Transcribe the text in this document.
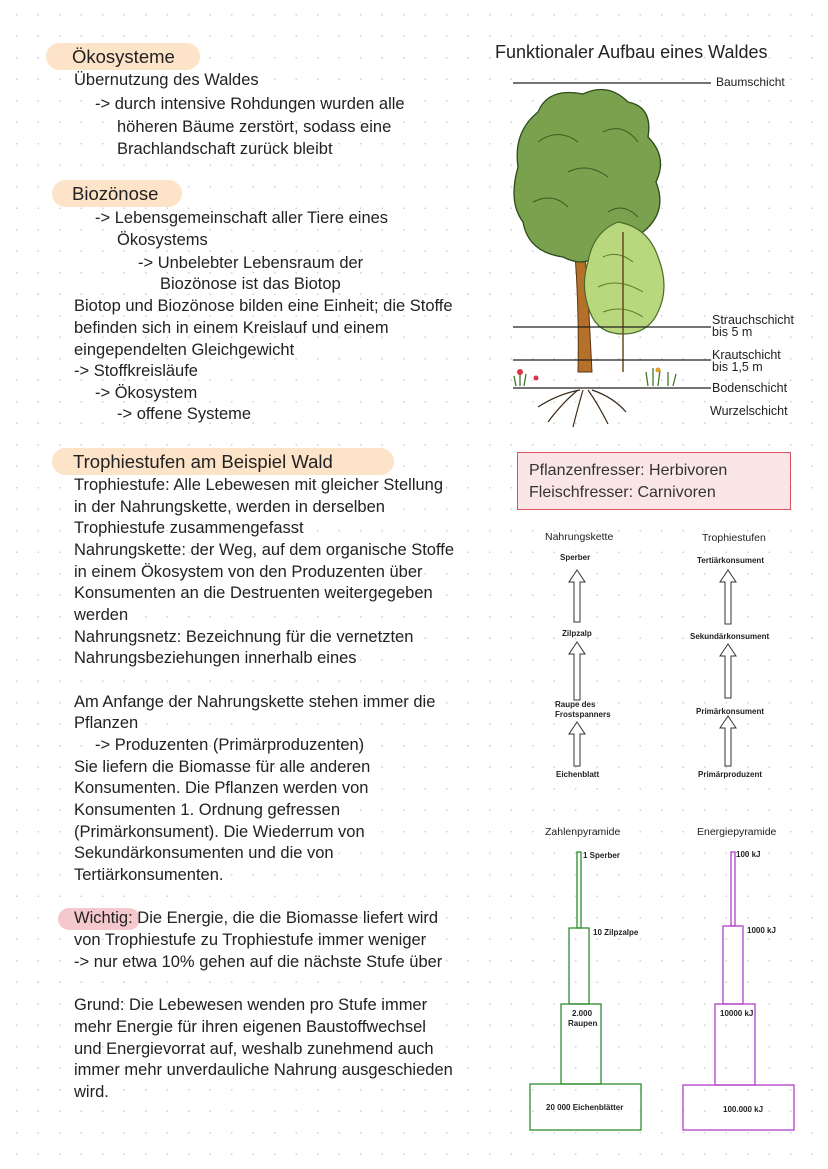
Ökosysteme
Übernutzung des Waldes
-> durch intensive Rohdungen wurden alle
höheren Bäume zerstört, sodass eine
Brachlandschaft zurück bleibt
Biozönose
-> Lebensgemeinschaft aller Tiere eines
Ökosystems
-> Unbelebter Lebensraum der
Biozönose ist das Biotop
Biotop und Biozönose bilden eine Einheit; die Stoffe
befinden sich in einem Kreislauf und einem
eingependelten Gleichgewicht
-> Stoffkreisläufe
-> Ökosystem
-> offene Systeme
Trophiestufen am Beispiel Wald
Trophiestufe: Alle Lebewesen mit gleicher Stellung
in der Nahrungskette, werden in derselben
Trophiestufe zusammengefasst
Nahrungskette: der Weg, auf dem organische Stoffe
in einem Ökosystem von den Produzenten über
Konsumenten an die Destruenten weitergegeben
werden
Nahrungsnetz: Bezeichnung für die vernetzten
Nahrungsbeziehungen innerhalb eines
Am Anfange der Nahrungskette stehen immer die
Pflanzen
-> Produzenten (Primärproduzenten)
Sie liefern die Biomasse für alle anderen
Konsumenten. Die Pflanzen werden von
Konsumenten 1. Ordnung gefressen
(Primärkonsument). Die Wiederrum von
Sekundärkonsumenten und die von
Tertiärkonsumenten.
Wichtig: Die Energie, die die Biomasse liefert wird
von Trophiestufe zu Trophiestufe immer weniger
-> nur etwa 10% gehen auf die nächste Stufe über
Grund: Die Lebewesen wenden pro Stufe immer
mehr Energie für ihren eigenen Baustoffwechsel
und Energievorrat auf, weshalb zunehmend auch
immer mehr unverdauliche Nahrung ausgeschieden
wird.
Funktionaler Aufbau eines Waldes
Baumschicht
Strauchschicht
bis 5 m
Krautschicht
bis 1,5 m
Bodenschicht
Wurzelschicht
Pflanzenfresser: Herbivoren
Fleischfresser: Carnivoren
Nahrungskette
Sperber
Zilpzalp
Raupe des
Frostspanners
Eichenblatt
Trophiestufen
Tertiärkonsument
Sekundärkonsument
Primärkonsument
Primärproduzent
Zahlenpyramide	Energiepyramide
1 Sperber
10 Zilpzalpe
2.000
Raupen
20 000 Eichenblätter
100 kJ
1000 kJ
10000 kJ
100.000 kJ
